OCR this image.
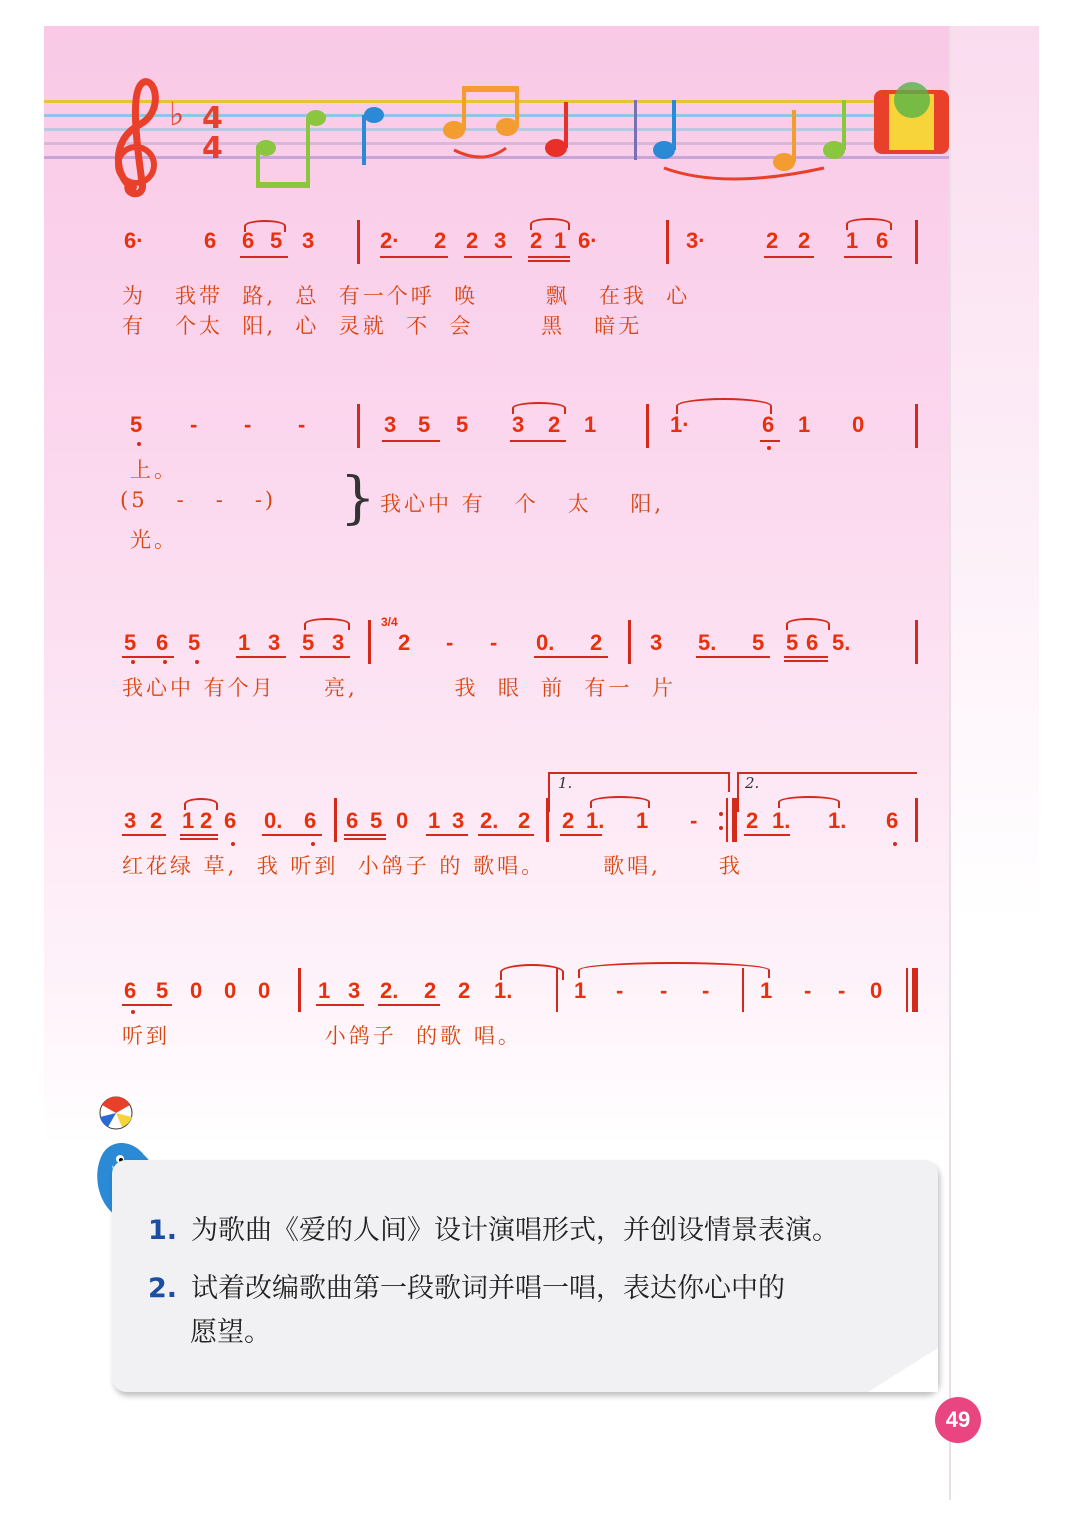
♭ 4
4
6·	6 6 5 3	2· 2 2 3 2 1 6·	3·	2 2 1 6
为   我带  路,  总  有一个呼  唤       飘   在我  心
有   个太  阳,  心  灵就  不  会       黑   暗无
5 - - -	3 5 5 3 2 1	1·	6 1 0
上。
(5   -   -   -) } 我心中 有   个   太    阳,
光。
5 6 5 1 3 5 3
3/4
2 - - 0. 2 3 5. 5 5 6 5.
我心中 有个月     亮,          我  眼  前  有一  片
1.	2.
3 2 1 2 6 0. 6 6 5 0 1 3 2. 2 2 1. 1 - 2 1. 1. 6
红花绿 草,  我 听到  小鸽子 的 歌唱。      歌唱,      我
6 5 0 0 0 1 3 2. 2 2 1.	1 - - - 1 - - 0
听到                小鸽子  的歌 唱。
1. 为歌曲《爱的人间》设计演唱形式，并创设情景表演。
2. 试着改编歌曲第一段歌词并唱一唱，表达你心中的
愿望。
49
